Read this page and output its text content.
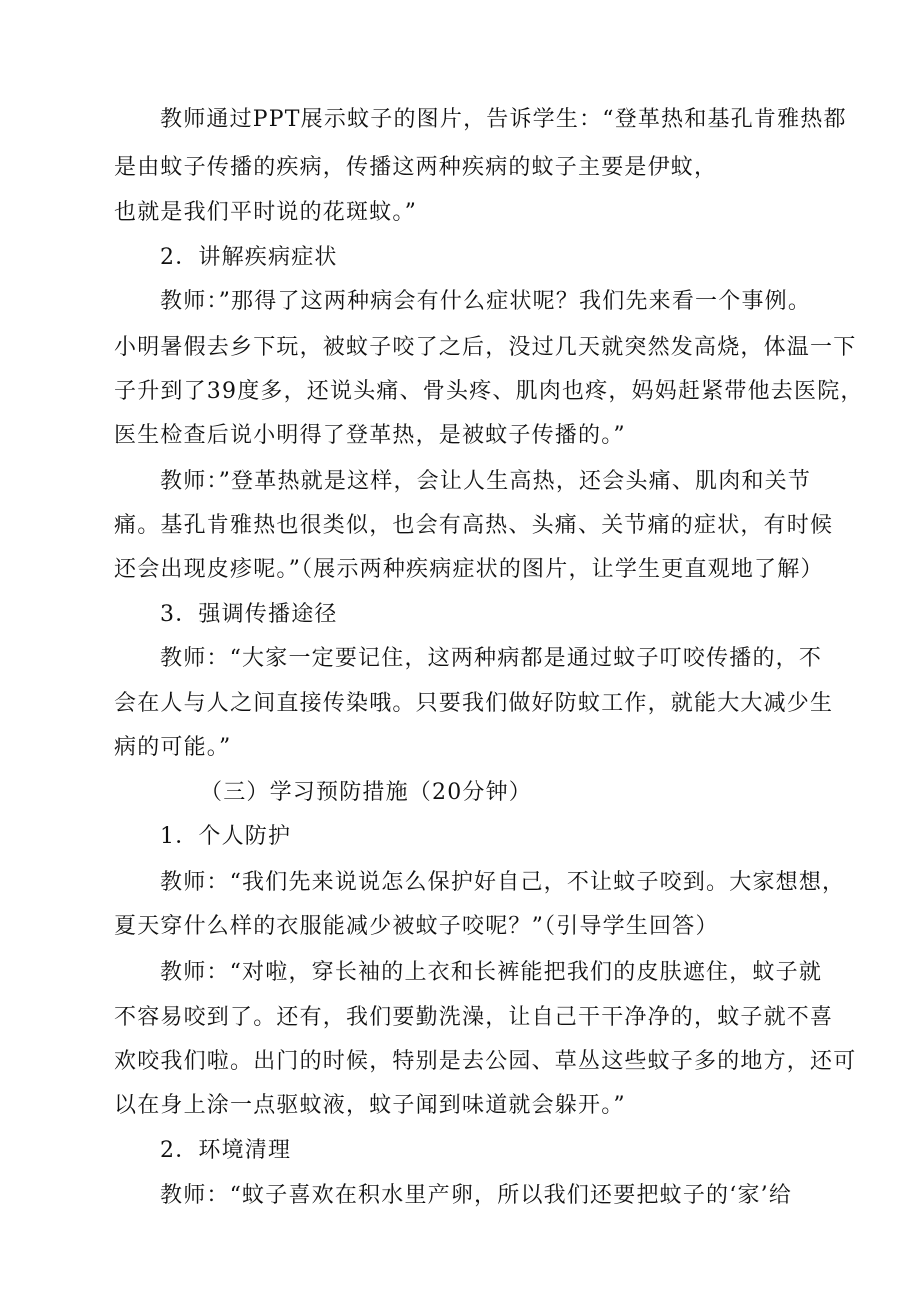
教师通过PPT展示蚊子的图片，告诉学生：“登革热和基孔肯雅热都
是由蚊子传播的疾病，传播这两种疾病的蚊子主要是伊蚊，
也就是我们平时说的花斑蚊。”
2．讲解疾病症状
教师：”那得了这两种病会有什么症状呢？我们先来看一个事例。
小明暑假去乡下玩，被蚊子咬了之后，没过几天就突然发高烧，体温一下
子升到了39度多，还说头痛、骨头疼、肌肉也疼，妈妈赶紧带他去医院，
医生检查后说小明得了登革热，是被蚊子传播的。”
教师：”登革热就是这样，会让人生高热，还会头痛、肌肉和关节
痛。基孔肯雅热也很类似，也会有高热、头痛、关节痛的症状，有时候
还会出现皮疹呢。”（展示两种疾病症状的图片，让学生更直观地了解）
3．强调传播途径
教师：“大家一定要记住，这两种病都是通过蚊子叮咬传播的，不
会在人与人之间直接传染哦。只要我们做好防蚊工作，就能大大减少生
病的可能。”
（三）学习预防措施（20分钟）
1．个人防护
教师：“我们先来说说怎么保护好自己，不让蚊子咬到。大家想想，
夏天穿什么样的衣服能减少被蚊子咬呢？”（引导学生回答）
教师：“对啦，穿长袖的上衣和长裤能把我们的皮肤遮住，蚊子就
不容易咬到了。还有，我们要勤洗澡，让自己干干净净的，蚊子就不喜
欢咬我们啦。出门的时候，特别是去公园、草丛这些蚊子多的地方，还可
以在身上涂一点驱蚊液，蚊子闻到味道就会躲开。”
2．环境清理
教师：“蚊子喜欢在积水里产卵，所以我们还要把蚊子的‘家’给
